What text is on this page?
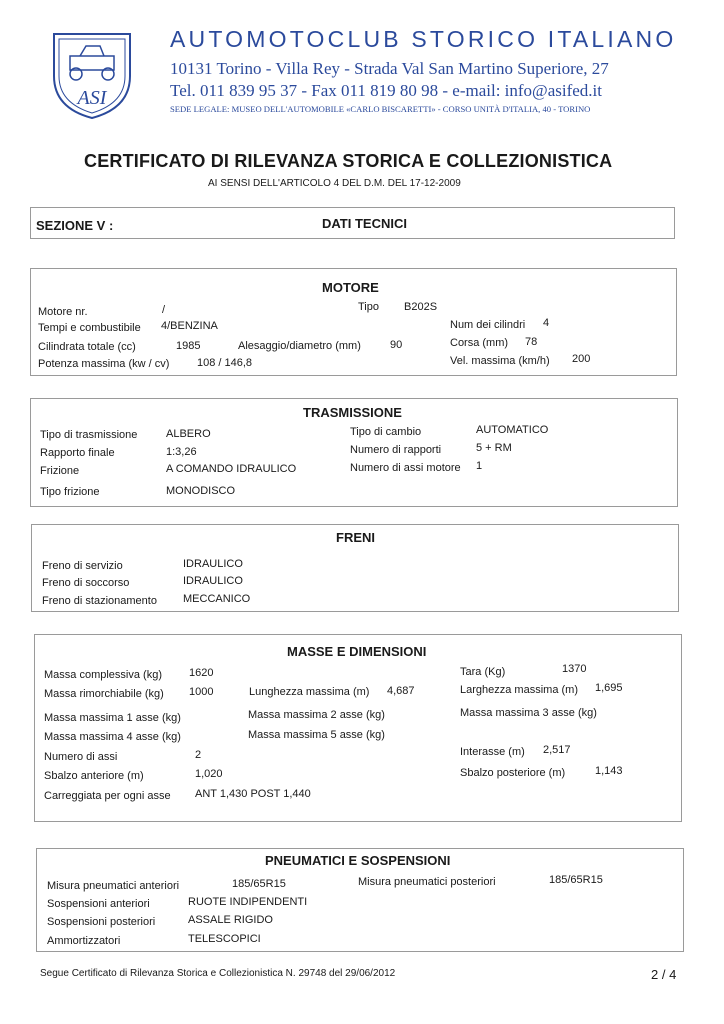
ASI
AUTOMOTOCLUB STORICO ITALIANO
10131 Torino - Villa Rey - Strada Val San Martino Superiore, 27
Tel. 011 839 95 37 - Fax 011 819 80 98 - e-mail: info@asifed.it
SEDE LEGALE: MUSEO DELL'AUTOMOBILE «CARLO BISCARETTI» - CORSO UNITÀ D'ITALIA, 40 - TORINO
CERTIFICATO DI RILEVANZA STORICA E COLLEZIONISTICA
AI SENSI DELL'ARTICOLO 4 DEL D.M. DEL 17-12-2009
SEZIONE V :	DATI TECNICI
MOTORE
Motore nr.	/	Tipo B202S
Tempi e combustibile 4/BENZINA	Num dei cilindri 4
Cilindrata totale (cc)	1985	Alesaggio/diametro (mm)	90	Corsa (mm) 78
Potenza massima (kw / cv)	108 / 146,8	Vel. massima (km/h) 200
TRASMISSIONE
Tipo di trasmissione	ALBERO	Tipo di cambio	AUTOMATICO
Rapporto finale	1:3,26	Numero di rapporti	5 + RM
Frizione	A COMANDO IDRAULICO	Numero di assi motore 1
Tipo frizione	MONODISCO
FRENI
Freno di servizio	IDRAULICO
Freno di soccorso	IDRAULICO
Freno di stazionamento MECCANICO
MASSE E DIMENSIONI
Massa complessiva (kg) 1620	Tara (Kg)	1370
Massa rimorchiabile (kg) 1000	Lunghezza massima (m) 4,687	Larghezza massima (m) 1,695
Massa massima 1 asse (kg)	Massa massima 2 asse (kg)	Massa massima 3 asse (kg)
Massa massima 4 asse (kg)	Massa massima 5 asse (kg)
Numero di assi	2	Interasse (m) 2,517
Sbalzo anteriore (m)	1,020	Sbalzo posteriore (m)	1,143
Carreggiata per ogni asse ANT 1,430 POST 1,440
PNEUMATICI E SOSPENSIONI
Misura pneumatici anteriori	185/65R15	Misura pneumatici posteriori	185/65R15
Sospensioni anteriori	RUOTE INDIPENDENTI
Sospensioni posteriori	ASSALE RIGIDO
Ammortizzatori	TELESCOPICI
Segue Certificato di Rilevanza Storica e Collezionistica N. 29748 del 29/06/2012	2 / 4
